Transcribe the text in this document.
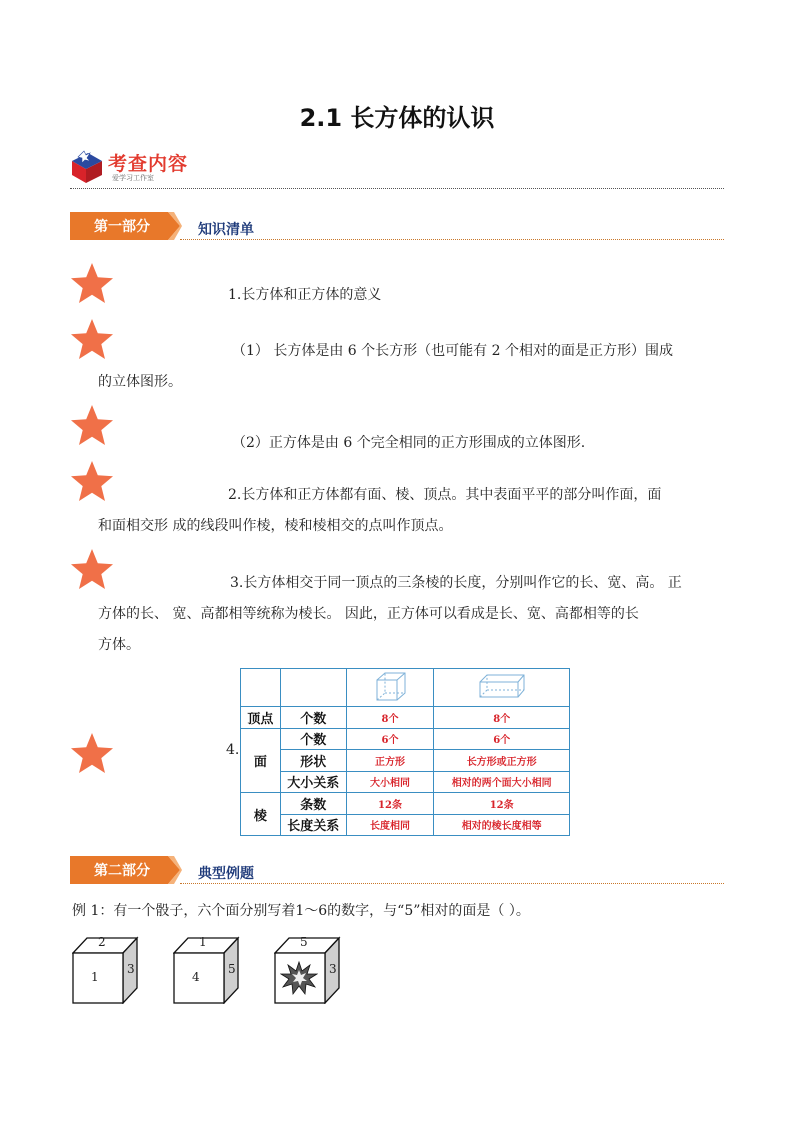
2.1 长方体的认识
考查内容
爱学习工作室
第一部分	知识清单
1.长方体和正方体的意义
（1） 长方体是由 6 个长方形（也可能有 2 个相对的面是正方形）围成
的立体图形。
（2）正方体是由 6 个完全相同的正方形围成的立体图形.
2.长方体和正方体都有面、棱、顶点。其中表面平平的部分叫作面，面
和面相交形 成的线段叫作棱，棱和棱相交的点叫作顶点。
3.长方体相交于同一顶点的三条棱的长度，分别叫作它的长、宽、高。 正
方体的长、 宽、高都相等统称为棱长。 因此，正方体可以看成是长、宽、高都相等的长
方体。
4.

顶点	个数	8个	8个
面	个数	6个	6个
	形状	正方形	长方形或正方形
	大小关系	大小相同	相对的两个面大小相同
棱	条数	12条	12条
	长度关系	长度相同	相对的棱长度相等
第二部分	典型例题
例 1：有一个骰子，六个面分别写着1～6的数字，与“5”相对的面是（ ）。
2
1
3
1
4
5
5
3
